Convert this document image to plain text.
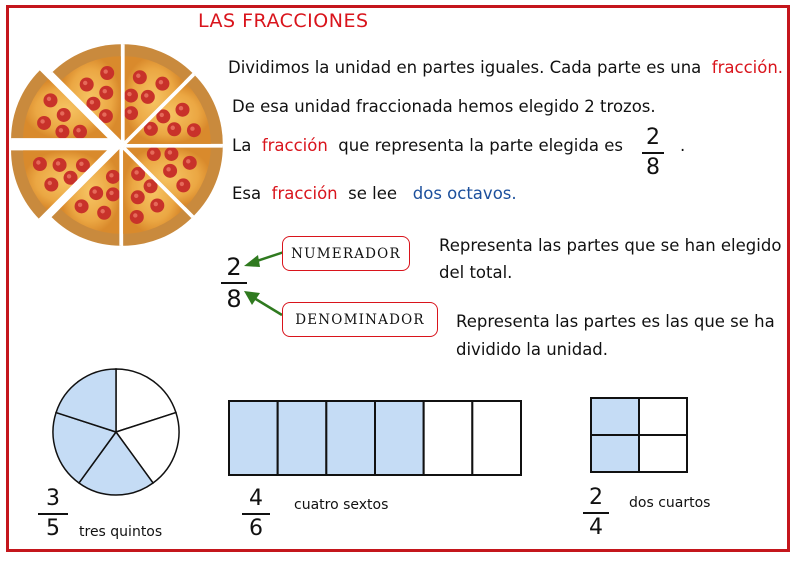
LAS FRACCIONES
Dividimos la unidad en partes iguales. Cada parte es una fracción.
De esa unidad fraccionada hemos elegido 2 trozos.
La fracción que representa la parte elegida es 2
8
.
Esa fracción se lee dos octavos.
2
8
NUMERADOR
DENOMINADOR
Representa las partes que se han elegido
del total.
Representa las partes es las que se ha
dividido la unidad.
3
5	tres quintos
4
6
cuatro sextos	2
4
dos cuartos
